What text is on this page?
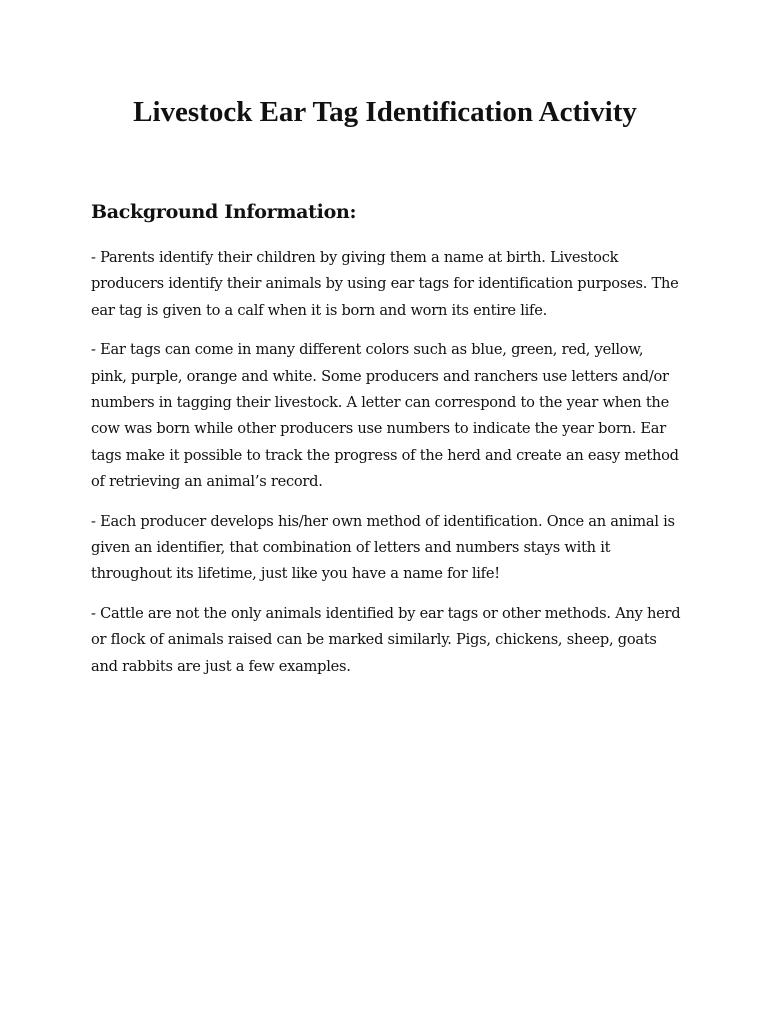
Livestock Ear Tag Identification Activity
Background Information:

- Parents identify their children by giving them a name at birth. Livestock producers identify their animals by using ear tags for identification purposes. The ear tag is given to a calf when it is born and worn its entire life.

- Ear tags can come in many different colors such as blue, green, red, yellow, pink, purple, orange and white. Some producers and ranchers use letters and/or numbers in tagging their livestock. A letter can correspond to the year when the cow was born while other producers use numbers to indicate the year born. Ear tags make it possible to track the progress of the herd and create an easy method of retrieving an animal’s record.

- Each producer develops his/her own method of identification. Once an animal is given an identifier, that combination of letters and numbers stays with it throughout its lifetime, just like you have a name for life!

- Cattle are not the only animals identified by ear tags or other methods. Any herd or flock of animals raised can be marked similarly. Pigs, chickens, sheep, goats and rabbits are just a few examples.
